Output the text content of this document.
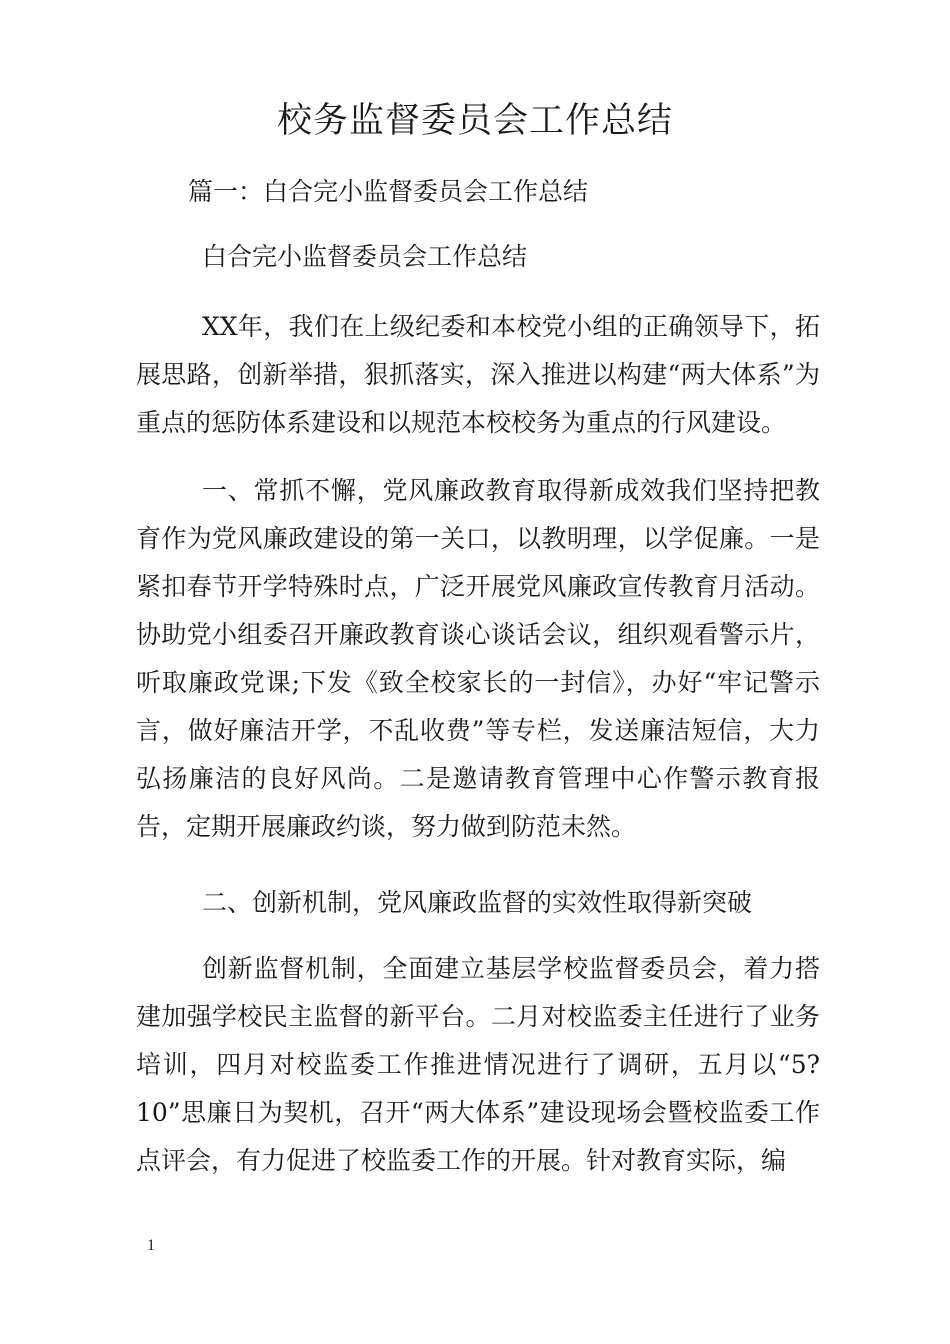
校务监督委员会工作总结

篇一：白合完小监督委员会工作总结

白合完小监督委员会工作总结

XX年，我们在上级纪委和本校党小组的正确领导下，拓展思路，创新举措，狠抓落实，深入推进以构建“两大体系”为重点的惩防体系建设和以规范本校校务为重点的行风建设。

一、常抓不懈，党风廉政教育取得新成效我们坚持把教育作为党风廉政建设的第一关口，以教明理，以学促廉。一是紧扣春节开学特殊时点，广泛开展党风廉政宣传教育月活动。协助党小组委召开廉政教育谈心谈话会议，组织观看警示片，听取廉政党课;下发《致全校家长的一封信》，办好“牢记警示言，做好廉洁开学，不乱收费”等专栏，发送廉洁短信，大力弘扬廉洁的良好风尚。二是邀请教育管理中心作警示教育报告，定期开展廉政约谈，努力做到防范未然。

二、创新机制，党风廉政监督的实效性取得新突破

创新监督机制，全面建立基层学校监督委员会，着力搭建加强学校民主监督的新平台。二月对校监委主任进行了业务培训，四月对校监委工作推进情况进行了调研，五月以“5?10”思廉日为契机，召开“两大体系”建设现场会暨校监委工作点评会，有力促进了校监委工作的开展。针对教育实际，编

1
